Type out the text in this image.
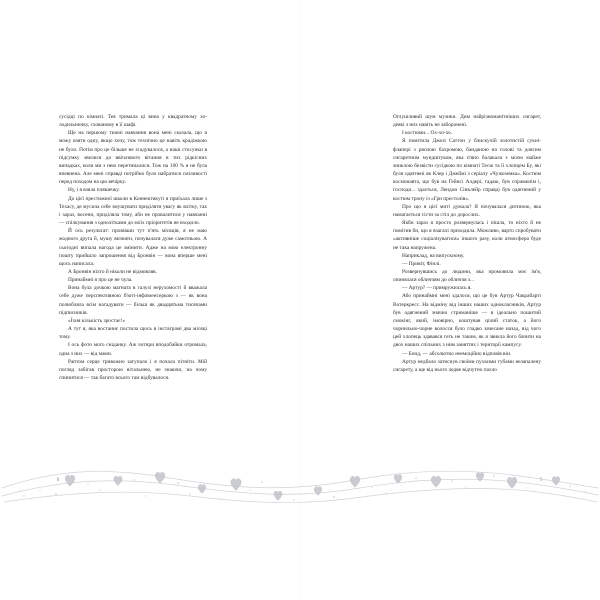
сусідці по кімнаті. Тея тримала ці вина у квадратному холодильничку, схованому в її шафі.

Ще на першому тижні навчання вона мені сказала, що я можу взяти одну, якщо хочу, тож технічно це навіть крадіжкою не було. Потім про це більше не згадувалося, а наші стосунки в підсумку звелися до ввічливого вітання в тих рідкісних випадках, коли ми з нею перетиналися. Тож на 100 % я не була впевнена. Але мені справді потрібно було набратися сміливості перед походом на цю вечірку.

Ну, і я взяла пляшечку.

До цієї престижної школи в Коннектикуті я приїхала лише з Техасу, де мусила себе змушувати приділяти увагу як влітку, так і зараз, восени, приділяла тому, аби не провалитися у навчанні — спілкування з однолітками до моїх пріоритетів не входило.

Й ось результат: провівши тут п'ять місяців, я не маю жодного друга й, мушу визнати, почувалася дуже самотньою. А сьогодні випала нагода це змінити. Адже на мою електронну пошту прийшло запрошення від Бронвін — вона вперше мені щось написала.

А Бронвін ніхто й ніколи не відмовляв.

Принаймні я про це не чула.

Вона була дочкою магната в галузі нерухомості й вважала себе дуже перспективною б'юті-інфлюенсеркою з — як вона полюбляла всім нагадувати — більш як двадцятьма тисячами підписників.

«Їхня кількість зростає!»

А тут я, яка востаннє постила щось в інстаграмі два місяці тому.

І ось фото мого сніданку. Аж чотири вподобайки отримала, одна з них — від мами.

Раптом серце тривожно загупало і я почала пітніти. Мій погляд забігав просторою вітальнею, не знаючи, на чому спинитися — так багато всього там відбувалося.

8

Оглушливий шум музики. Дим найрізноманітніших сигарет, деякі з них навіть не заборонені.

І костюми... Ох-хо-хо.

Я помітила Джозі Саттон у блискучій золотистій сукні-флапері з рясною бахромою, банданою на голові та довгим сигаретним мундштуком, яка п'яно балакала з моєю майже зниклою безвісти сусідкою по кімнаті Тесю та її хлопцем Бу, які були одягнені як Клер і Джеймі з серіалу «Чужоземка». Костюм космонавта, що був на Гейнсі Алдері, гадаю, був справжнім і, господи... здається, Лендон Сінклейр справді був одягнений у костюм трону із «Гри престолів».

Про що я цієї миті думала? Я почувалася дитиною, яка намагається сісти за стіл до дорослих.

Якби зараз я просто розвернулась і пішла, то ніхто й не помітив би, що я взагалі приходила. Можливо, варто спробувати «активніше соціалізуватися» іншого разу, коли атмосфера буде не така напружена.

Наприклад, на випускному.

— Привіт, Фінлі.

Розвернувшись до людини, яка промовила моє ім'я, опинялася обличчям до обличчя з...

— Артур? — примружилась я.

Або принаймні мені здалося, що це був Артур Чакрабарті Вотеркресс. На відміну від інших наших однокласників, Артур був одягнений значно стриманіше — в ідеально пошитий смокінг, який, імовірно, коштував цілий статок, а його чорнильно-чорне волосся було гладко зачесане назад, від чого цей хлопець здавався геть не таким, як я звикла його бачити на двох наших спільних з ним заняттях і території кампусу.

— Бонд, — абсолютно неемоційно відповів він.

Артур недбало затиснув своїми пухкими губами незапалену сигарету, а ще від нього ледве відчутно пахло

9
